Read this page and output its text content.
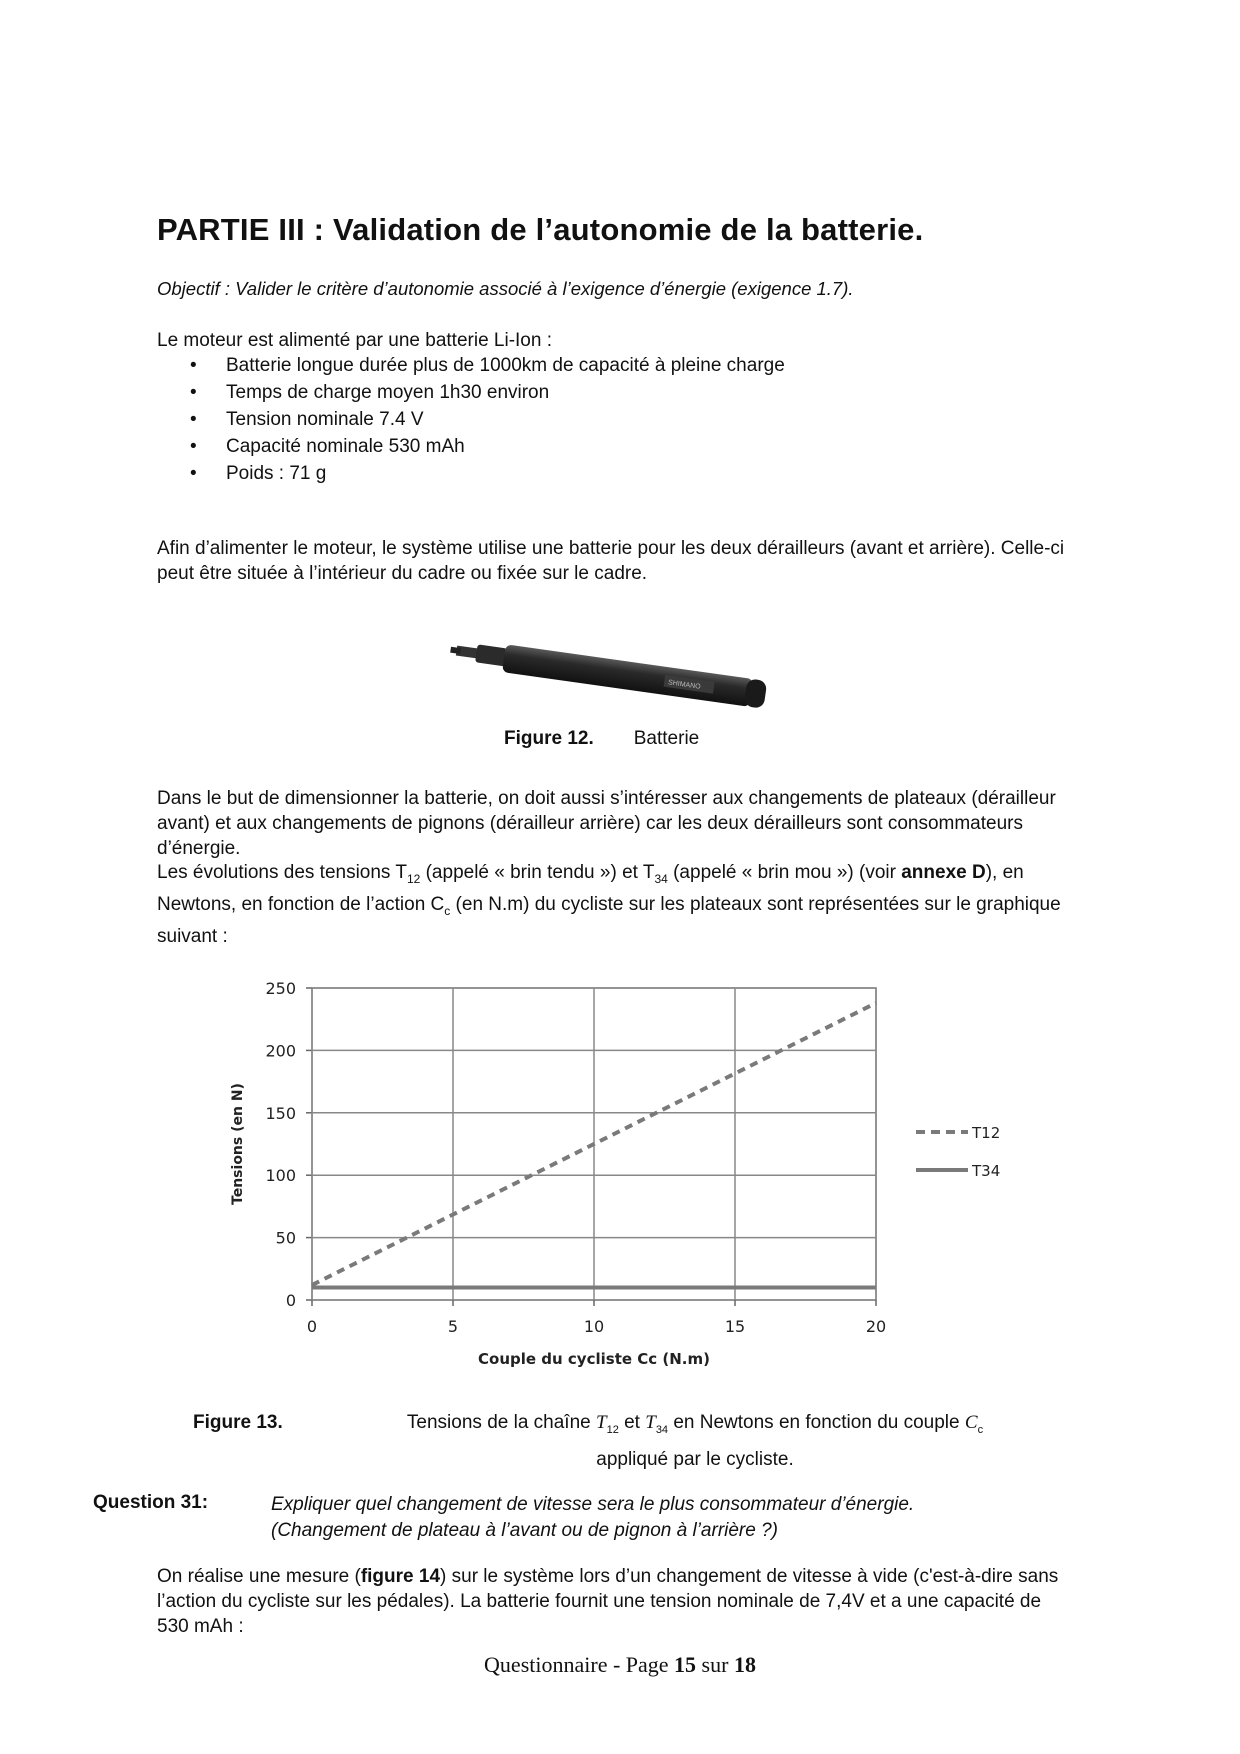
PARTIE III : Validation de l’autonomie de la batterie.

Objectif : Valider le critère d’autonomie associé à l’exigence d’énergie (exigence 1.7).

Le moteur est alimenté par une batterie Li-Ion :

• Batterie longue durée plus de 1000km de capacité à pleine charge
• Temps de charge moyen 1h30 environ
• Tension nominale 7.4 V
• Capacité nominale 530 mAh
• Poids : 71 g

Afin d’alimenter le moteur, le système utilise une batterie pour les deux dérailleurs (avant et arrière). Celle-ci peut être située à l’intérieur du cadre ou fixée sur le cadre.

SHIMANO
Figure 12. Batterie

Dans le but de dimensionner la batterie, on doit aussi s’intéresser aux changements de plateaux (dérailleur avant) et aux changements de pignons (dérailleur arrière) car les deux dérailleurs sont consommateurs d’énergie.

Les évolutions des tensions $T_{12}$ (appelé « brin tendu ») et $T_{34}$ (appelé « brin mou ») (voir annexe D), en Newtons, en fonction de l’action $C_c$ (en N.m) du cycliste sur les plateaux sont représentées sur le graphique suivant :

0
50
100
150
200
250
0	5	10	15	20
Couple du cycliste Cc (N.m)
Tensions (en N)	T12
T34
Figure 13.	Tensions de la chaîne $T_{12}$ et $T_{34}$ en Newtons en fonction du couple $C_c$
appliqué par le cycliste.
Question 31:	Expliquer quel changement de vitesse sera le plus consommateur d’énergie.
(Changement de plateau à l’avant ou de pignon à l’arrière ?)

On réalise une mesure (figure 14) sur le système lors d’un changement de vitesse à vide (c'est-à-dire sans l’action du cycliste sur les pédales). La batterie fournit une tension nominale de 7,4V et a une capacité de 530 mAh :

Questionnaire - Page 15 sur 18
